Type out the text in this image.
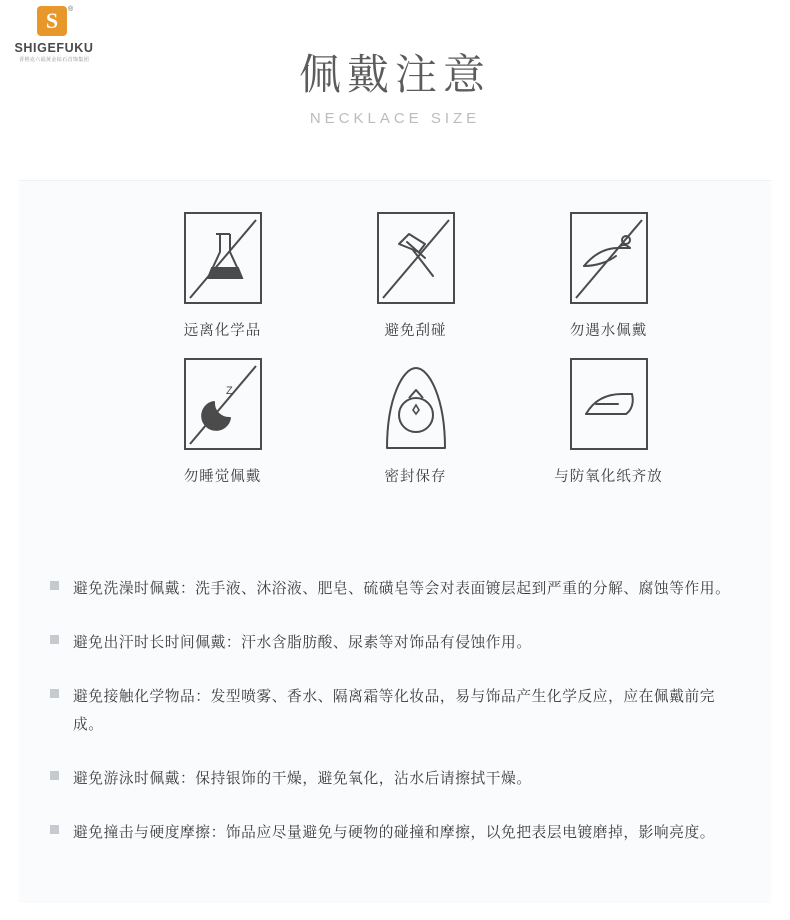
S	®
SHIGEFUKU
香格克六福黄金钻石首饰集团	佩戴注意
NECKLACE SIZE
远离化学品	避免刮碰	勿遇水佩戴
Z
勿睡觉佩戴	密封保存	与防氧化纸齐放
避免洗澡时佩戴：洗手液、沐浴液、肥皂、硫磺皂等会对表面镀层起到严重的分解、腐蚀等作用。
避免出汗时长时间佩戴：汗水含脂肪酸、尿素等对饰品有侵蚀作用。
避免接触化学物品：发型喷雾、香水、隔离霜等化妆品，易与饰品产生化学反应，应在佩戴前完成。
避免游泳时佩戴：保持银饰的干燥，避免氧化，沾水后请擦拭干燥。
避免撞击与硬度摩擦：饰品应尽量避免与硬物的碰撞和摩擦，以免把表层电镀磨掉，影响亮度。
